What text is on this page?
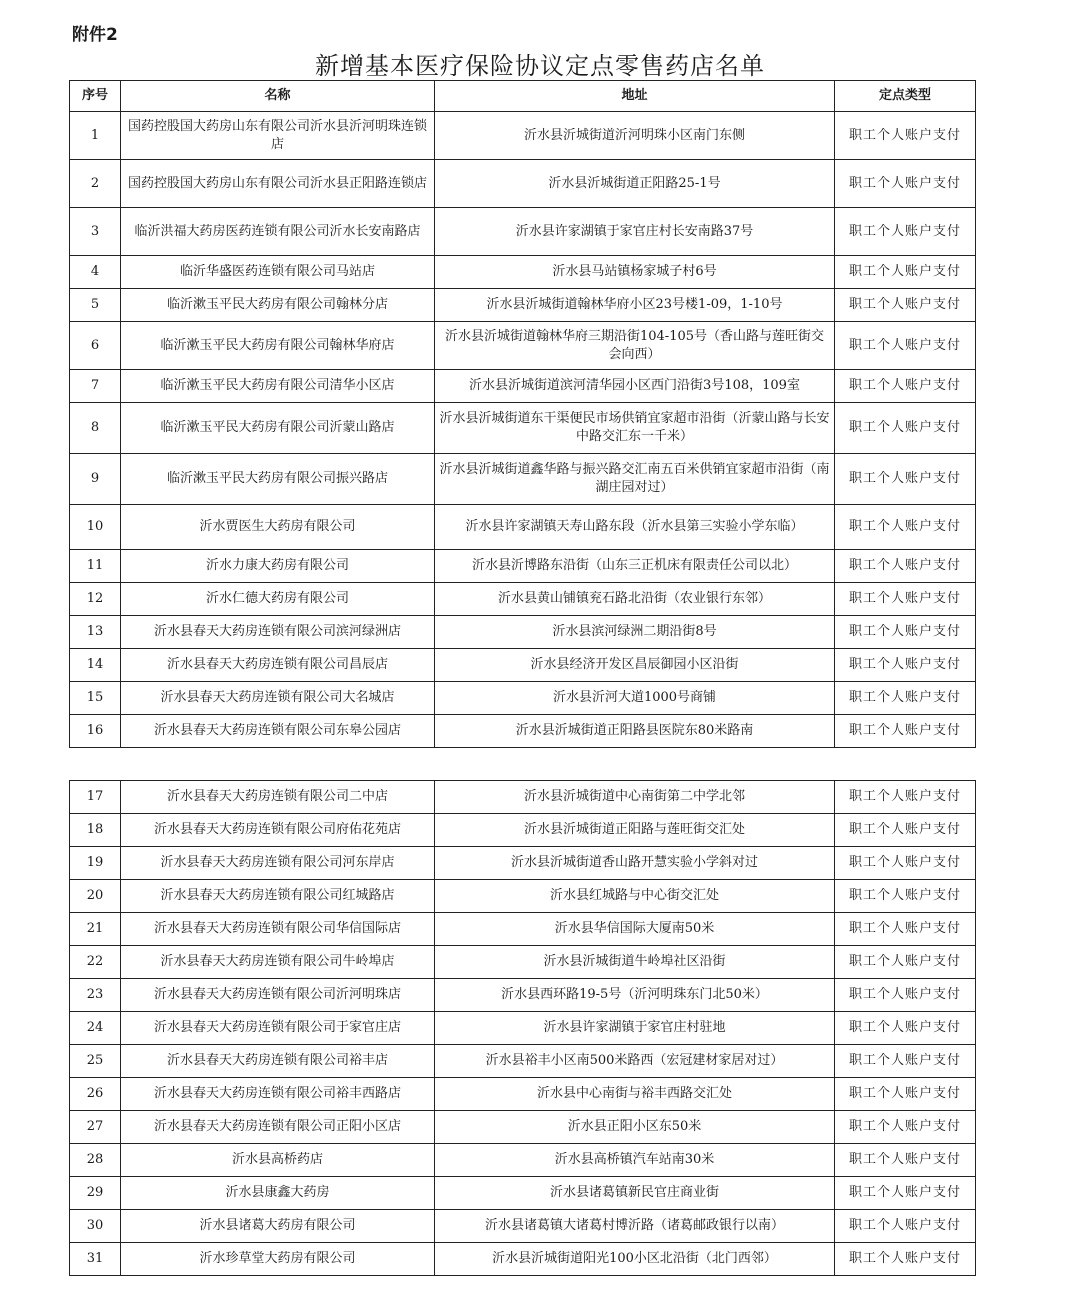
附件2
新增基本医疗保险协议定点零售药店名单
序号	名称	地址	定点类型
1	国药控股国大药房山东有限公司沂水县沂河明珠连锁店	沂水县沂城街道沂河明珠小区南门东侧	职工个人账户支付
2	国药控股国大药房山东有限公司沂水县正阳路连锁店	沂水县沂城街道正阳路25-1号	职工个人账户支付
3	临沂洪福大药房医药连锁有限公司沂水长安南路店	沂水县许家湖镇于家官庄村长安南路37号	职工个人账户支付
4	临沂华盛医药连锁有限公司马站店	沂水县马站镇杨家城子村6号	职工个人账户支付
5	临沂漱玉平民大药房有限公司翰林分店	沂水县沂城街道翰林华府小区23号楼1-09，1-10号	职工个人账户支付
6	临沂漱玉平民大药房有限公司翰林华府店	沂水县沂城街道翰林华府三期沿街104-105号（香山路与莲旺街交会向西）	职工个人账户支付
7	临沂漱玉平民大药房有限公司清华小区店	沂水县沂城街道滨河清华园小区西门沿街3号108，109室	职工个人账户支付
8	临沂漱玉平民大药房有限公司沂蒙山路店	沂水县沂城街道东干渠便民市场供销宜家超市沿街（沂蒙山路与长安中路交汇东一千米）	职工个人账户支付
9	临沂漱玉平民大药房有限公司振兴路店	沂水县沂城街道鑫华路与振兴路交汇南五百米供销宜家超市沿街（南湖庄园对过）	职工个人账户支付
10	沂水贾医生大药房有限公司	沂水县许家湖镇天寿山路东段（沂水县第三实验小学东临）	职工个人账户支付
11	沂水力康大药房有限公司	沂水县沂博路东沿街（山东三正机床有限责任公司以北）	职工个人账户支付
12	沂水仁德大药房有限公司	沂水县黄山铺镇兖石路北沿街（农业银行东邻）	职工个人账户支付
13	沂水县春天大药房连锁有限公司滨河绿洲店	沂水县滨河绿洲二期沿街8号	职工个人账户支付
14	沂水县春天大药房连锁有限公司昌辰店	沂水县经济开发区昌辰御园小区沿街	职工个人账户支付
15	沂水县春天大药房连锁有限公司大名城店	沂水县沂河大道1000号商铺	职工个人账户支付
16	沂水县春天大药房连锁有限公司东皋公园店	沂水县沂城街道正阳路县医院东80米路南	职工个人账户支付
17	沂水县春天大药房连锁有限公司二中店	沂水县沂城街道中心南街第二中学北邻	职工个人账户支付
18	沂水县春天大药房连锁有限公司府佑花苑店	沂水县沂城街道正阳路与莲旺街交汇处	职工个人账户支付
19	沂水县春天大药房连锁有限公司河东岸店	沂水县沂城街道香山路开慧实验小学斜对过	职工个人账户支付
20	沂水县春天大药房连锁有限公司红城路店	沂水县红城路与中心街交汇处	职工个人账户支付
21	沂水县春天大药房连锁有限公司华信国际店	沂水县华信国际大厦南50米	职工个人账户支付
22	沂水县春天大药房连锁有限公司牛岭埠店	沂水县沂城街道牛岭埠社区沿街	职工个人账户支付
23	沂水县春天大药房连锁有限公司沂河明珠店	沂水县西环路19-5号（沂河明珠东门北50米）	职工个人账户支付
24	沂水县春天大药房连锁有限公司于家官庄店	沂水县许家湖镇于家官庄村驻地	职工个人账户支付
25	沂水县春天大药房连锁有限公司裕丰店	沂水县裕丰小区南500米路西（宏冠建材家居对过）	职工个人账户支付
26	沂水县春天大药房连锁有限公司裕丰西路店	沂水县中心南街与裕丰西路交汇处	职工个人账户支付
27	沂水县春天大药房连锁有限公司正阳小区店	沂水县正阳小区东50米	职工个人账户支付
28	沂水县高桥药店	沂水县高桥镇汽车站南30米	职工个人账户支付
29	沂水县康鑫大药房	沂水县诸葛镇新民官庄商业街	职工个人账户支付
30	沂水县诸葛大药房有限公司	沂水县诸葛镇大诸葛村博沂路（诸葛邮政银行以南）	职工个人账户支付
31	沂水珍草堂大药房有限公司	沂水县沂城街道阳光100小区北沿街（北门西邻）	职工个人账户支付
